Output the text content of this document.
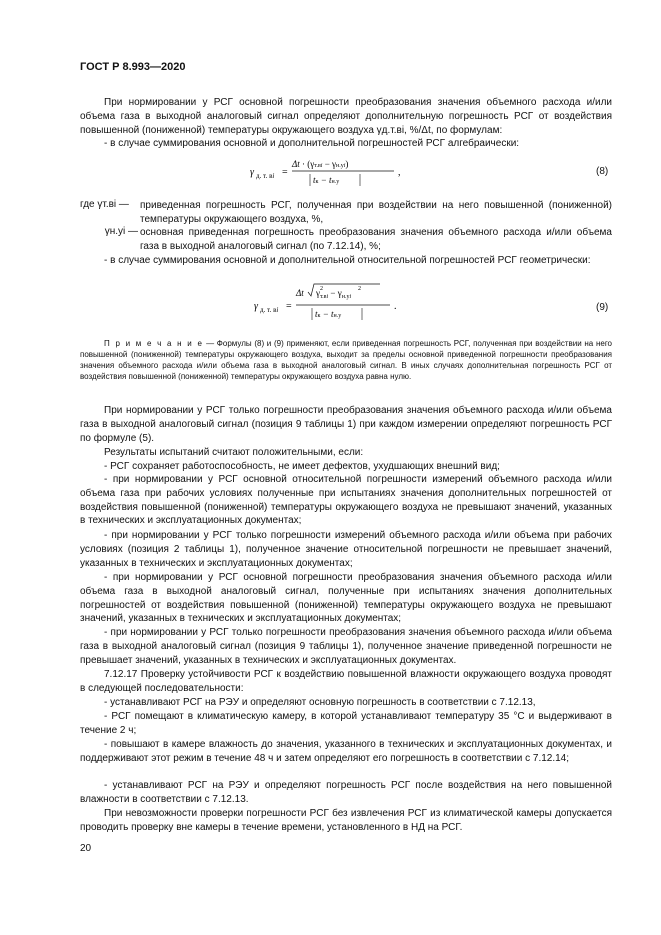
ГОСТ Р 8.993—2020

При нормировании у РСГ основной погрешности преобразования значения объемного расхода и/или объема газа в выходной аналоговый сигнал определяют дополнительную погрешность РСГ от воздействия повышенной (пониженной) температуры окружающего воздуха γд.т.вi, %/Δt, по формулам:

- в случае суммирования основной и дополнительной погрешностей РСГ алгебраически:

γ д. т. вi =
Δt · (γт.вi − γн.уi)
tк − tн.у
,	(8)
где γт.вi —	приведенная погрешность РСГ, полученная при воздействии на него повышенной (пониженной) температуры окружающего воздуха, %,
γн.уi — основная приведенная погрешность преобразования значения объемного расхода и/или объема газа в выходной аналоговый сигнал (по 7.12.14), %;

- в случае суммирования основной и дополнительной относительной погрешностей РСГ геометрически:

γ д. т. вi =
Δt $\gamma_{т.вi} - \gamma_{н.уi}$
2	2
tк − tн.у
.	(9)

П р и м е ч а н и е — Формулы (8) и (9) применяют, если приведенная погрешность РСГ, полученная при воздействии на него повышенной (пониженной) температуры окружающего воздуха, выходит за пределы основной приведенной погрешности преобразования значения объемного расхода и/или объема газа в выходной аналоговый сигнал. В иных случаях дополнительная погрешность РСГ от воздействия повышенной (пониженной) температуры окружающего воздуха равна нулю.

При нормировании у РСГ только погрешности преобразования значения объемного расхода и/или объема газа в выходной аналоговый сигнал (позиция 9 таблицы 1) при каждом измерении определяют погрешность РСГ по формуле (5).

Результаты испытаний считают положительными, если:

- РСГ сохраняет работоспособность, не имеет дефектов, ухудшающих внешний вид;

- при нормировании у РСГ основной относительной погрешности измерений объемного расхода и/или объема газа при рабочих условиях полученные при испытаниях значения дополнительных погрешностей от воздействия повышенной (пониженной) температуры окружающего воздуха не превышают значений, указанных в технических и эксплуатационных документах;

- при нормировании у РСГ только погрешности измерений объемного расхода и/или объема при рабочих условиях (позиция 2 таблицы 1), полученное значение относительной погрешности не превышает значений, указанных в технических и эксплуатационных документах;

- при нормировании у РСГ основной погрешности преобразования значения объемного расхода и/или объема газа в выходной аналоговый сигнал, полученные при испытаниях значения дополнительных погрешностей от воздействия повышенной (пониженной) температуры окружающего воздуха не превышают значений, указанных в технических и эксплуатационных документах;

- при нормировании у РСГ только погрешности преобразования значения объемного расхода и/или объема газа в выходной аналоговый сигнал (позиция 9 таблицы 1), полученное значение приведенной погрешности не превышает значений, указанных в технических и эксплуатационных документах.

7.12.17 Проверку устойчивости РСГ к воздействию повышенной влажности окружающего воздуха проводят в следующей последовательности:

- устанавливают РСГ на РЭУ и определяют основную погрешность в соответствии с 7.12.13,

- РСГ помещают в климатическую камеру, в которой устанавливают температуру 35 °С и выдерживают в течение 2 ч;

- повышают в камере влажность до значения, указанного в технических и эксплуатационных документах, и поддерживают этот режим в течение 48 ч и затем определяют его погрешность в соответствии с 7.12.14;

- устанавливают РСГ на РЭУ и определяют погрешность РСГ после воздействия на него повышенной влажности в соответствии с 7.12.13.

При невозможности проверки погрешности РСГ без извлечения РСГ из климатической камеры допускается проводить проверку вне камеры в течение времени, установленного в НД на РСГ.

20
